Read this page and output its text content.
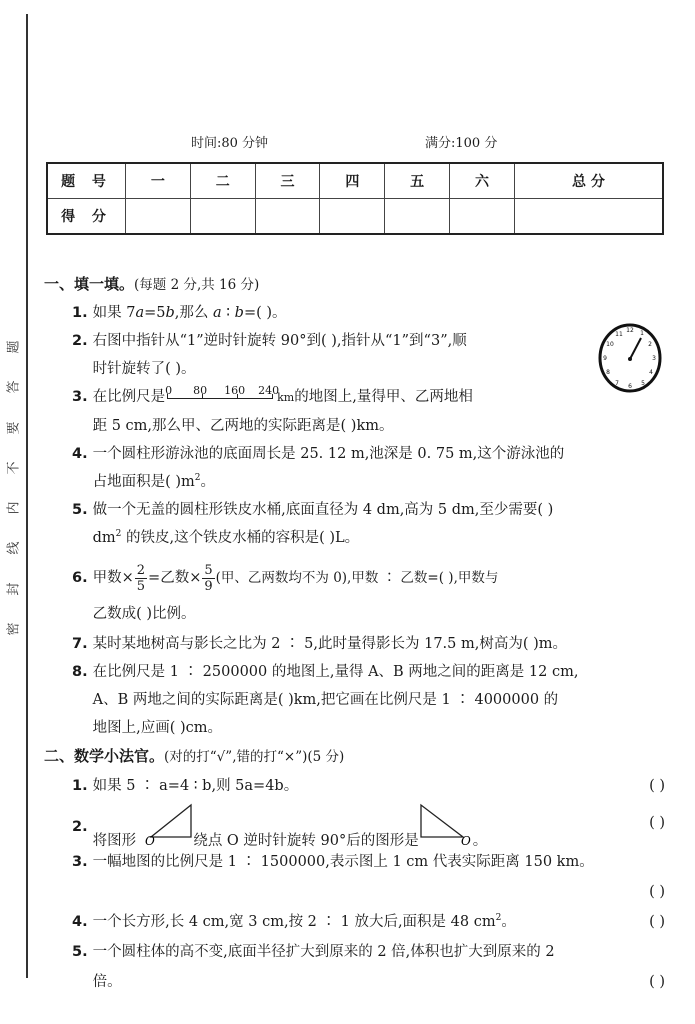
密
封
线
内
不
要
答
题
时间:80 分钟	满分:100 分
题 号	一	二	三	四	五	六	总 分
得 分							
12 1
2
3
4
5
6
7
8
9
10
11
一、填一填。(每题 2 分,共 16 分)
1. 如果 7a=5b,那么 a ∶ b=( )。
2. 右图中指针从“1”逆时针旋转 90°到( ),指针从“1”到“3”,顺
时针旋转了( )。
3. 在比例尺是 0 80 160 240
km的地图上,量得甲、乙两地相
距 5 cm,那么甲、乙两地的实际距离是( )km。
4. 一个圆柱形游泳池的底面周长是 25. 12 m,池深是 0. 75 m,这个游泳池的
占地面积是( )$m^2$。
5. 做一个无盖的圆柱形铁皮水桶,底面直径为 4 dm,高为 5 dm,至少需要( )
$dm^2$ 的铁皮,这个铁皮水桶的容积是( )L。
6. 甲数× $\frac{2}{5}$ =乙数× $\frac{5}{9}$ (甲、乙两数均不为 0),甲数 ∶ 乙数=( ),甲数与
乙数成( )比例。
7. 某时某地树高与影长之比为 2 ∶ 5,此时量得影长为 17.5 m,树高为( )m。
8. 在比例尺是 1 ∶ 2500000 的地图上,量得 A、B 两地之间的距离是 12 cm,
A、B 两地之间的实际距离是( )km,把它画在比例尺是 1 ∶ 4000000 的
地图上,应画( )cm。
二、数学小法官。(对的打“√”,错的打“×”)(5 分)
1. 如果 5 ∶ a=4 ∶ b,则 5a=4b。	( )
2.
将图形 O	绕点 O 逆时针旋转 90°后的图形是	O 。
( )
3. 一幅地图的比例尺是 1 ∶ 1500000,表示图上 1 cm 代表实际距离 150 km。
( )
4. 一个长方形,长 4 cm,宽 3 cm,按 2 ∶ 1 放大后,面积是 48 $cm^2$。	( )
5. 一个圆柱体的高不变,底面半径扩大到原来的 2 倍,体积也扩大到原来的 2
倍。	( )
